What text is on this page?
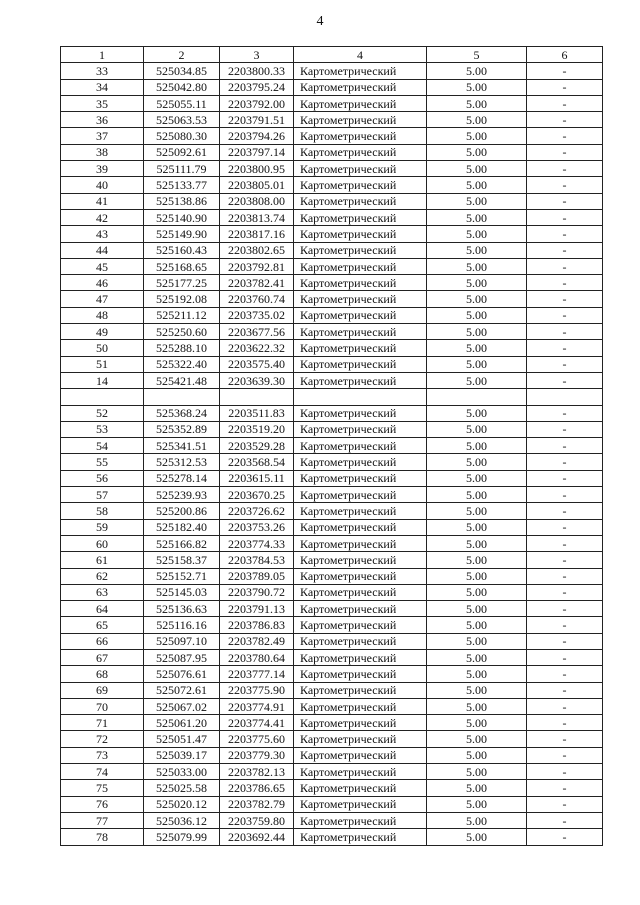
4
1	2	3	4	5	6
33	525034.85	2203800.33	Картометрический	5.00	-
34	525042.80	2203795.24	Картометрический	5.00	-
35	525055.11	2203792.00	Картометрический	5.00	-
36	525063.53	2203791.51	Картометрический	5.00	-
37	525080.30	2203794.26	Картометрический	5.00	-
38	525092.61	2203797.14	Картометрический	5.00	-
39	525111.79	2203800.95	Картометрический	5.00	-
40	525133.77	2203805.01	Картометрический	5.00	-
41	525138.86	2203808.00	Картометрический	5.00	-
42	525140.90	2203813.74	Картометрический	5.00	-
43	525149.90	2203817.16	Картометрический	5.00	-
44	525160.43	2203802.65	Картометрический	5.00	-
45	525168.65	2203792.81	Картометрический	5.00	-
46	525177.25	2203782.41	Картометрический	5.00	-
47	525192.08	2203760.74	Картометрический	5.00	-
48	525211.12	2203735.02	Картометрический	5.00	-
49	525250.60	2203677.56	Картометрический	5.00	-
50	525288.10	2203622.32	Картометрический	5.00	-
51	525322.40	2203575.40	Картометрический	5.00	-
14	525421.48	2203639.30	Картометрический	5.00	-

52	525368.24	2203511.83	Картометрический	5.00	-
53	525352.89	2203519.20	Картометрический	5.00	-
54	525341.51	2203529.28	Картометрический	5.00	-
55	525312.53	2203568.54	Картометрический	5.00	-
56	525278.14	2203615.11	Картометрический	5.00	-
57	525239.93	2203670.25	Картометрический	5.00	-
58	525200.86	2203726.62	Картометрический	5.00	-
59	525182.40	2203753.26	Картометрический	5.00	-
60	525166.82	2203774.33	Картометрический	5.00	-
61	525158.37	2203784.53	Картометрический	5.00	-
62	525152.71	2203789.05	Картометрический	5.00	-
63	525145.03	2203790.72	Картометрический	5.00	-
64	525136.63	2203791.13	Картометрический	5.00	-
65	525116.16	2203786.83	Картометрический	5.00	-
66	525097.10	2203782.49	Картометрический	5.00	-
67	525087.95	2203780.64	Картометрический	5.00	-
68	525076.61	2203777.14	Картометрический	5.00	-
69	525072.61	2203775.90	Картометрический	5.00	-
70	525067.02	2203774.91	Картометрический	5.00	-
71	525061.20	2203774.41	Картометрический	5.00	-
72	525051.47	2203775.60	Картометрический	5.00	-
73	525039.17	2203779.30	Картометрический	5.00	-
74	525033.00	2203782.13	Картометрический	5.00	-
75	525025.58	2203786.65	Картометрический	5.00	-
76	525020.12	2203782.79	Картометрический	5.00	-
77	525036.12	2203759.80	Картометрический	5.00	-
78	525079.99	2203692.44	Картометрический	5.00	-
